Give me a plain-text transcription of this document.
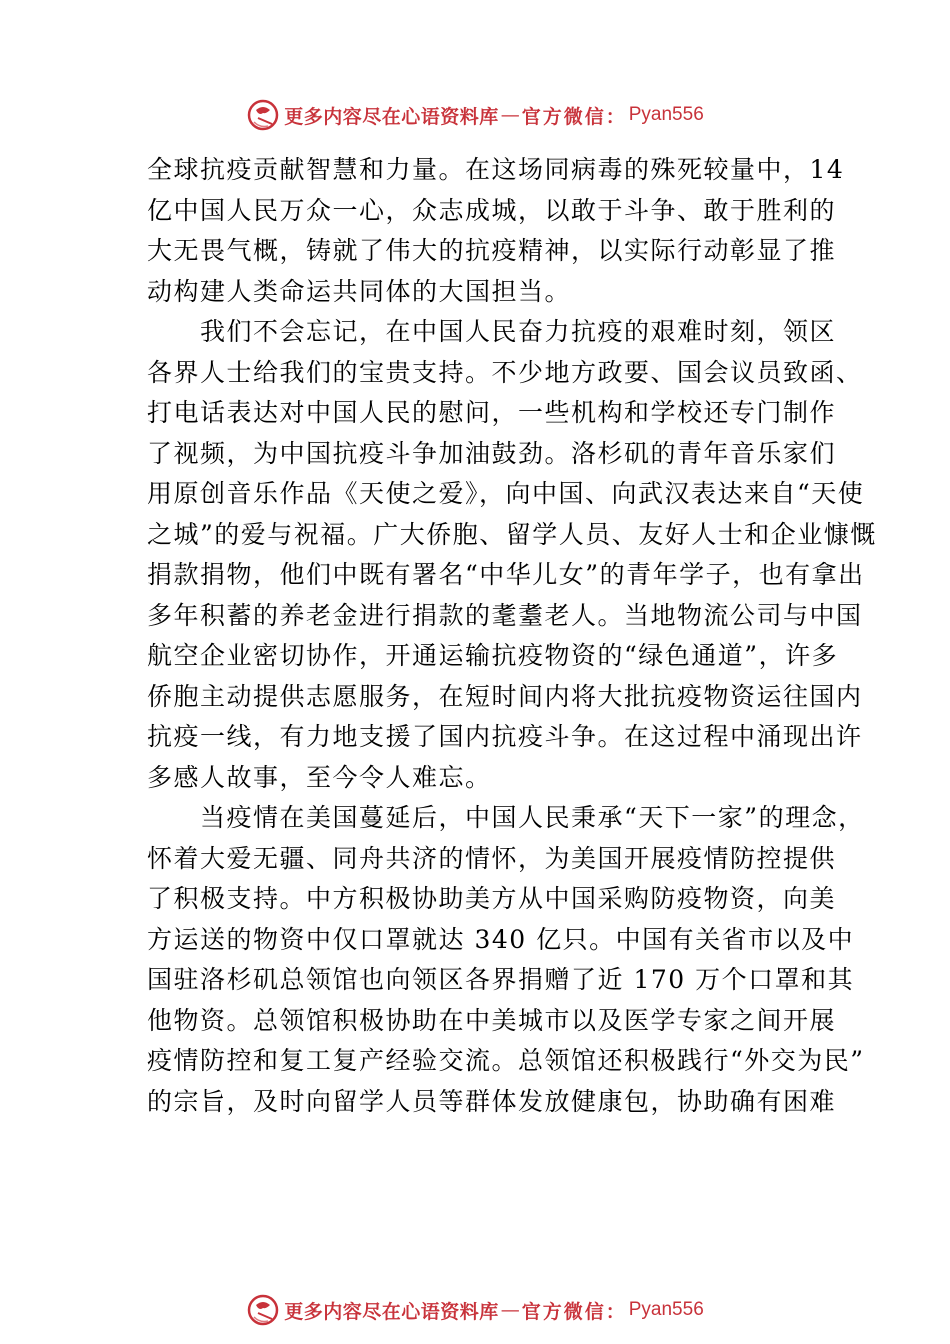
更多内容尽在心语资料库 — 官方微信： Pyan556
全球抗疫贡献智慧和力量。在这场同病毒的殊死较量中，14
亿中国人民万众一心，众志成城，以敢于斗争、敢于胜利的
大无畏气概，铸就了伟大的抗疫精神，以实际行动彰显了推
动构建人类命运共同体的大国担当。
　　我们不会忘记，在中国人民奋力抗疫的艰难时刻，领区
各界人士给我们的宝贵支持。不少地方政要、国会议员致函、
打电话表达对中国人民的慰问，一些机构和学校还专门制作
了视频，为中国抗疫斗争加油鼓劲。洛杉矶的青年音乐家们
用原创音乐作品《天使之爱》，向中国、向武汉表达来自“天使
之城”的爱与祝福。广大侨胞、留学人员、友好人士和企业慷慨
捐款捐物，他们中既有署名“中华儿女”的青年学子，也有拿出
多年积蓄的养老金进行捐款的耄耋老人。当地物流公司与中国
航空企业密切协作，开通运输抗疫物资的“绿色通道”，许多
侨胞主动提供志愿服务，在短时间内将大批抗疫物资运往国内
抗疫一线，有力地支援了国内抗疫斗争。在这过程中涌现出许
多感人故事，至今令人难忘。
　　当疫情在美国蔓延后，中国人民秉承“天下一家”的理念，
怀着大爱无疆、同舟共济的情怀，为美国开展疫情防控提供
了积极支持。中方积极协助美方从中国采购防疫物资，向美
方运送的物资中仅口罩就达 340 亿只。中国有关省市以及中
国驻洛杉矶总领馆也向领区各界捐赠了近 170 万个口罩和其
他物资。总领馆积极协助在中美城市以及医学专家之间开展
疫情防控和复工复产经验交流。总领馆还积极践行“外交为民”
的宗旨，及时向留学人员等群体发放健康包，协助确有困难
更多内容尽在心语资料库 — 官方微信： Pyan556
